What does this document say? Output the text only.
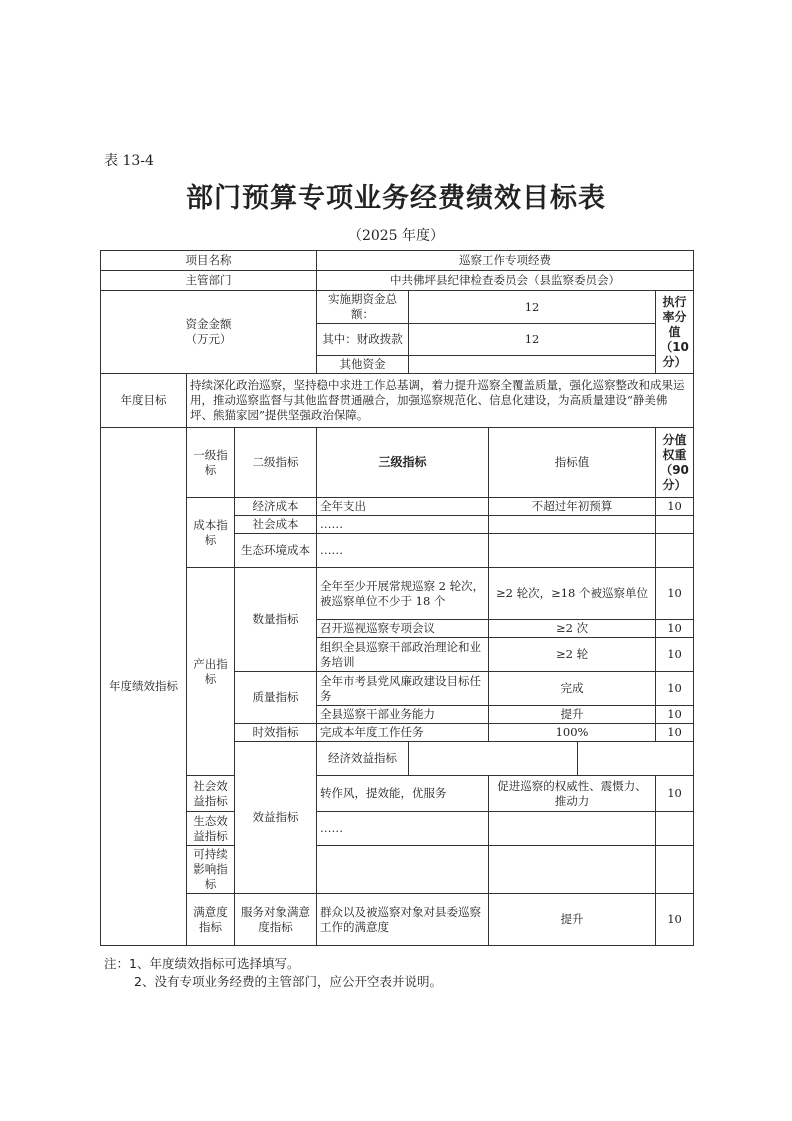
表 13-4
部门预算专项业务经费绩效目标表
（2025 年度）
项目名称			巡察工作专项经费					
主管部门			中共佛坪县纪律检查委员会（县监察委员会）					
资金金额
（万元）			实施期资金总额：	12			执行率分值（10分）	
			其中：财政拨款	12				
			其他资金					
年度目标	持续深化政治巡察，坚持稳中求进工作总基调，着力提升巡察全覆盖质量，强化巡察整改和成果运用，推动巡察监督与其他监督贯通融合，加强巡察规范化、信息化建设，为高质量建设“静美佛坪、熊猫家园”提供坚强政治保障。							
年度绩效指标	一级指标	二级指标	三级指标		指标值		分值权重（90分）	
	成本指标	经济成本	全年支出		不超过年初预算		10	
		社会成本	……					
		生态环境成本	……					
	产出指标	数量指标	全年至少开展常规巡察 2 轮次，被巡察单位不少于 18 个		≥2 轮次，≥18 个被巡察单位		10	
			召开巡视巡察专项会议		≥2 次		10	
			组织全县巡察干部政治理论和业务培训		≥2 轮		10	
		质量指标	全年市考县党风廉政建设目标任务		完成		10	
			全县巡察干部业务能力		提升		10	
		时效指标	完成本年度工作任务		100%		10	
		效益指标	经济效益指标					
	社会效益指标		转作风，提效能，优服务		促进巡察的权威性、震慑力、推动力		10	
	生态效益指标		……					
	可持续影响指标							
	满意度指标	服务对象满意度指标	群众以及被巡察对象对县委巡察工作的满意度		提升		10	
注：1、年度绩效指标可选择填写。
2、没有专项业务经费的主管部门，应公开空表并说明。
